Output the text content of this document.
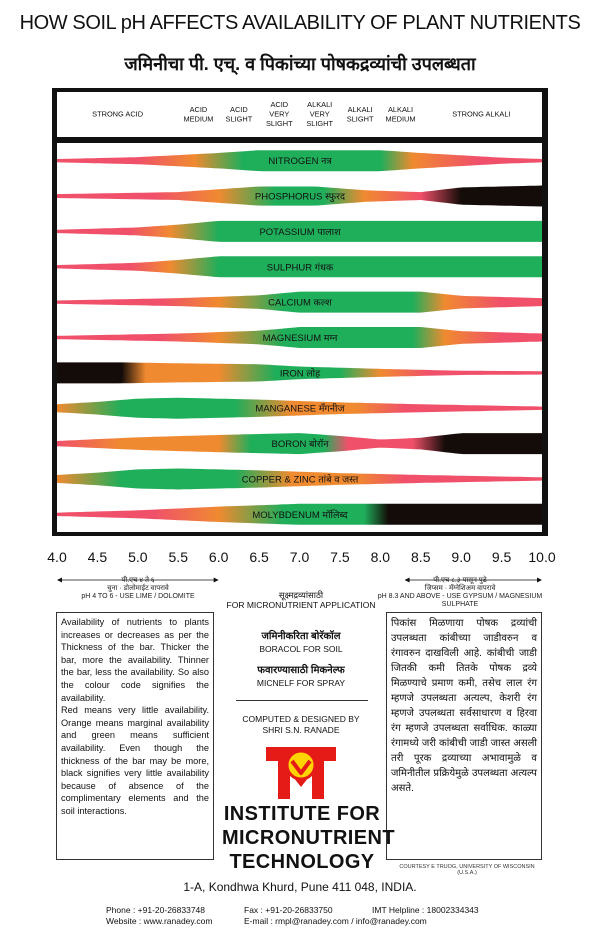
HOW SOIL pH AFFECTS AVAILABILITY OF PLANT NUTRIENTS
जमिनीचा पी. एच्. व पिकांच्या पोषकद्रव्यांची उपलब्धता
STRONG ACID
ACID MEDIUM
ACID SLIGHT
ACID VERY SLIGHT
ALKALI VERY SLIGHT
ALKALI SLIGHT
ALKALI MEDIUM
STRONG ALKALI
NITROGEN नत्र
PHOSPHORUS स्फुरद
POTASSIUM पालाश
SULPHUR गंधक
CALCIUM कल्श
MAGNESIUM मग्न
IRON लोह
MANGANESE मँगनीज
BORON बोरॉन
COPPER & ZINC तांबे व जस्त
MOLYBDENUM मॉलिब्द
4.0 4.5 5.0 5.5 6.0 6.5 7.0 7.5 8.0 8.5 9.0 9.5 10.0
पी.एच ४ ते ६
चुना · डोलोमाईट वापरावे
pH 4 TO 6 - USE LIME / DOLOMITE
पी.एच ८.३ पासून पुढे
जिप्सम · मॅग्नेशिअम वापरावे
pH 8.3 AND ABOVE - USE GYPSUM / MAGNESIUM SULPHATE
सूक्ष्मद्रव्यांसाठी
FOR MICRONUTRIENT APPLICATION

Availability of nutrients to plants increases or decreases as per the Thickness of the bar. Thicker the bar, more the availability. Thinner the bar, less the availability. So also the colour code signifies the availability.

Red means very little availability. Orange means marginal availability and green means sufficient availability. Even though the thickness of the bar may be more, black signifies very little availability because of absence of the complimentary elements and the soil interactions.

पिकांस मिळणाया पोषक द्रव्यांची उपलब्धता कांबीच्या जाडीवरुन व रंगावरुन दाखविली आहे. कांबीची जाडी जितकी कमी तितके पोषक द्रव्ये मिळण्याचे प्रमाण कमी, तसेच लाल रंग म्हणजे उपलब्धता अत्यल्प, केशरी रंग म्हणजे उपलब्धता सर्वसाधारण व हिरवा रंग म्हणजे उपलब्धता सर्वाधिक. काळ्या रंगामध्ये जरी कांबीची जाडी जास्त असली तरी पूरक द्रव्याच्या अभावामुळे व जमिनीतील प्रक्रियेमुळे उपलब्धता अत्यल्प असते.
COURTESY E TRUOG, UNIVERSITY OF WISCONSIN (U.S.A.)
जमिनीकरिता बोरॅकॉल
BORACOL FOR SOIL
फवारण्यासाठी मिकनेल्फ
MICNELF FOR SPRAY
COMPUTED & DESIGNED BY
SHRI S.N. RANADE
INSTITUTE FOR
MICRONUTRIENT
TECHNOLOGY
1-A, Kondhwa Khurd, Pune 411 048, INDIA.
Phone : +91-20-26833748	Fax : +91-20-26833750	IMT Helpline : 18002334343
Website : www.ranadey.com	E-mail : rmpl@ranadey.com / info@ranadey.com
